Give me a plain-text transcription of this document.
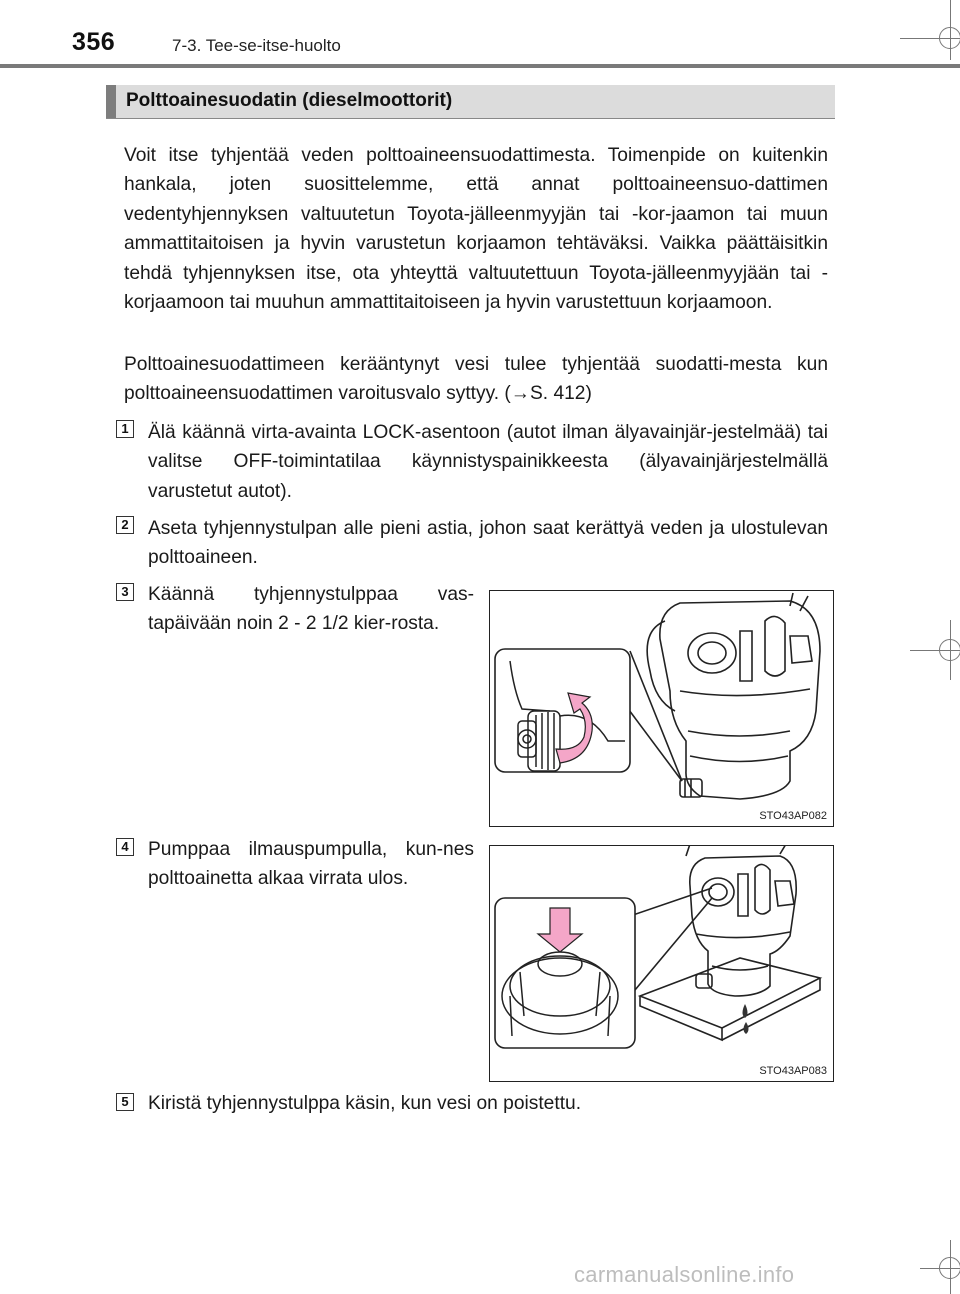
356	7-3. Tee-se-itse-huolto
Polttoainesuodatin (dieselmoottorit)
Voit itse tyhjentää veden polttoaineensuodattimesta. Toimenpide on kuitenkin hankala, joten suosittelemme, että annat polttoaineensuo-dattimen vedentyhjennyksen valtuutetun Toyota-jälleenmyyjän tai -kor-jaamon tai muun ammattitaitoisen ja hyvin varustetun korjaamon tehtäväksi. Vaikka päättäisitkin tehdä tyhjennyksen itse, ota yhteyttä valtuutettuun Toyota-jälleenmyyjään tai -korjaamoon tai muuhun ammattitaitoiseen ja hyvin varustettuun korjaamoon.
Polttoainesuodattimeen kerääntynyt vesi tulee tyhjentää suodatti-mesta kun polttoaineensuodattimen varoitusvalo syttyy. (→S. 412)
1 Älä käännä virta-avainta LOCK-asentoon (autot ilman älyavainjär-jestelmää) tai valitse OFF-toimintatilaa käynnistyspainikkeesta (älyavainjärjestelmällä varustetut autot).
2 Aseta tyhjennystulpan alle pieni astia, johon saat kerättyä veden ja ulostulevan polttoaineen.
3 Käännä tyhjennystulppaa vas-tapäivään noin 2 - 2 1/2 kier-rosta.
4 Pumppaa ilmauspumpulla, kun-nes polttoainetta alkaa virrata ulos.
5 Kiristä tyhjennystulppa käsin, kun vesi on poistettu.
STO43AP082
STO43AP083
carmanualsonline.info
